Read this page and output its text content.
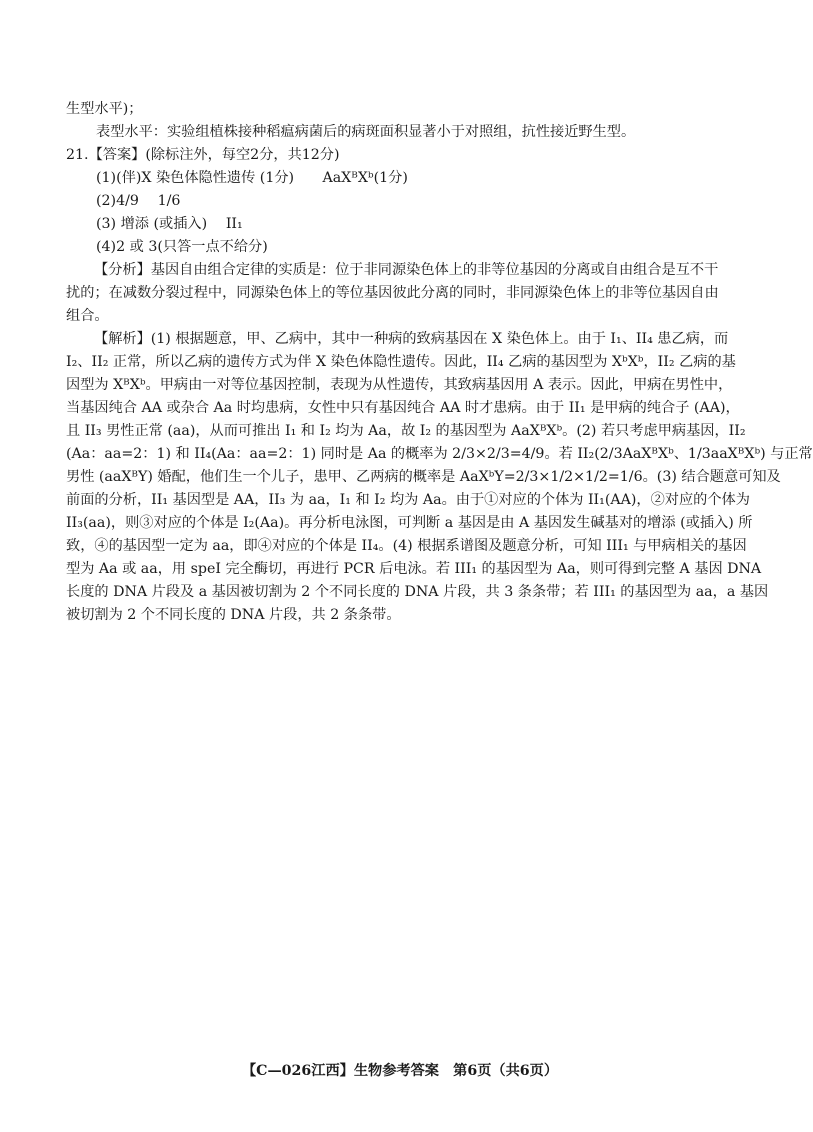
生型水平)；
表型水平：实验组植株接种稻瘟病菌后的病斑面积显著小于对照组，抗性接近野生型。
21.【答案】(除标注外，每空2分，共12分)
(1)(伴)X 染色体隐性遗传 (1分)　　AaXᴮXᵇ(1分)
(2)4/9　 1/6
(3) 增添 (或插入)　 II₁
(4)2 或 3(只答一点不给分)
【分析】基因自由组合定律的实质是：位于非同源染色体上的非等位基因的分离或自由组合是互不干
扰的；在减数分裂过程中，同源染色体上的等位基因彼此分离的同时，非同源染色体上的非等位基因自由
组合。
【解析】(1) 根据题意，甲、乙病中，其中一种病的致病基因在 X 染色体上。由于 I₁、II₄ 患乙病，而
I₂、II₂ 正常，所以乙病的遗传方式为伴 X 染色体隐性遗传。因此，II₄ 乙病的基因型为 XᵇXᵇ，II₂ 乙病的基
因型为 XᴮXᵇ。甲病由一对等位基因控制，表现为从性遗传，其致病基因用 A 表示。因此，甲病在男性中，
当基因纯合 AA 或杂合 Aa 时均患病，女性中只有基因纯合 AA 时才患病。由于 II₁ 是甲病的纯合子 (AA)，
且 II₃ 男性正常 (aa)，从而可推出 I₁ 和 I₂ 均为 Aa，故 I₂ 的基因型为 AaXᴮXᵇ。(2) 若只考虑甲病基因，II₂
(Aa：aa=2：1) 和 II₄(Aa：aa=2：1) 同时是 Aa 的概率为 2/3×2/3=4/9。若 II₂(2/3AaXᴮXᵇ、1/3aaXᴮXᵇ) 与正常
男性 (aaXᴮY) 婚配，他们生一个儿子，患甲、乙两病的概率是 AaXᵇY=2/3×1/2×1/2=1/6。(3) 结合题意可知及
前面的分析，II₁ 基因型是 AA，II₃ 为 aa，I₁ 和 I₂ 均为 Aa。由于①对应的个体为 II₁(AA)，②对应的个体为
II₃(aa)，则③对应的个体是 I₂(Aa)。再分析电泳图，可判断 a 基因是由 A 基因发生碱基对的增添 (或插入) 所
致，④的基因型一定为 aa，即④对应的个体是 II₄。(4) 根据系谱图及题意分析，可知 III₁ 与甲病相关的基因
型为 Aa 或 aa，用 speI 完全酶切，再进行 PCR 后电泳。若 III₁ 的基因型为 Aa，则可得到完整 A 基因 DNA
长度的 DNA 片段及 a 基因被切割为 2 个不同长度的 DNA 片段，共 3 条条带；若 III₁ 的基因型为 aa，a 基因
被切割为 2 个不同长度的 DNA 片段，共 2 条条带。
【C—026江西】生物参考答案　第6页（共6页）
